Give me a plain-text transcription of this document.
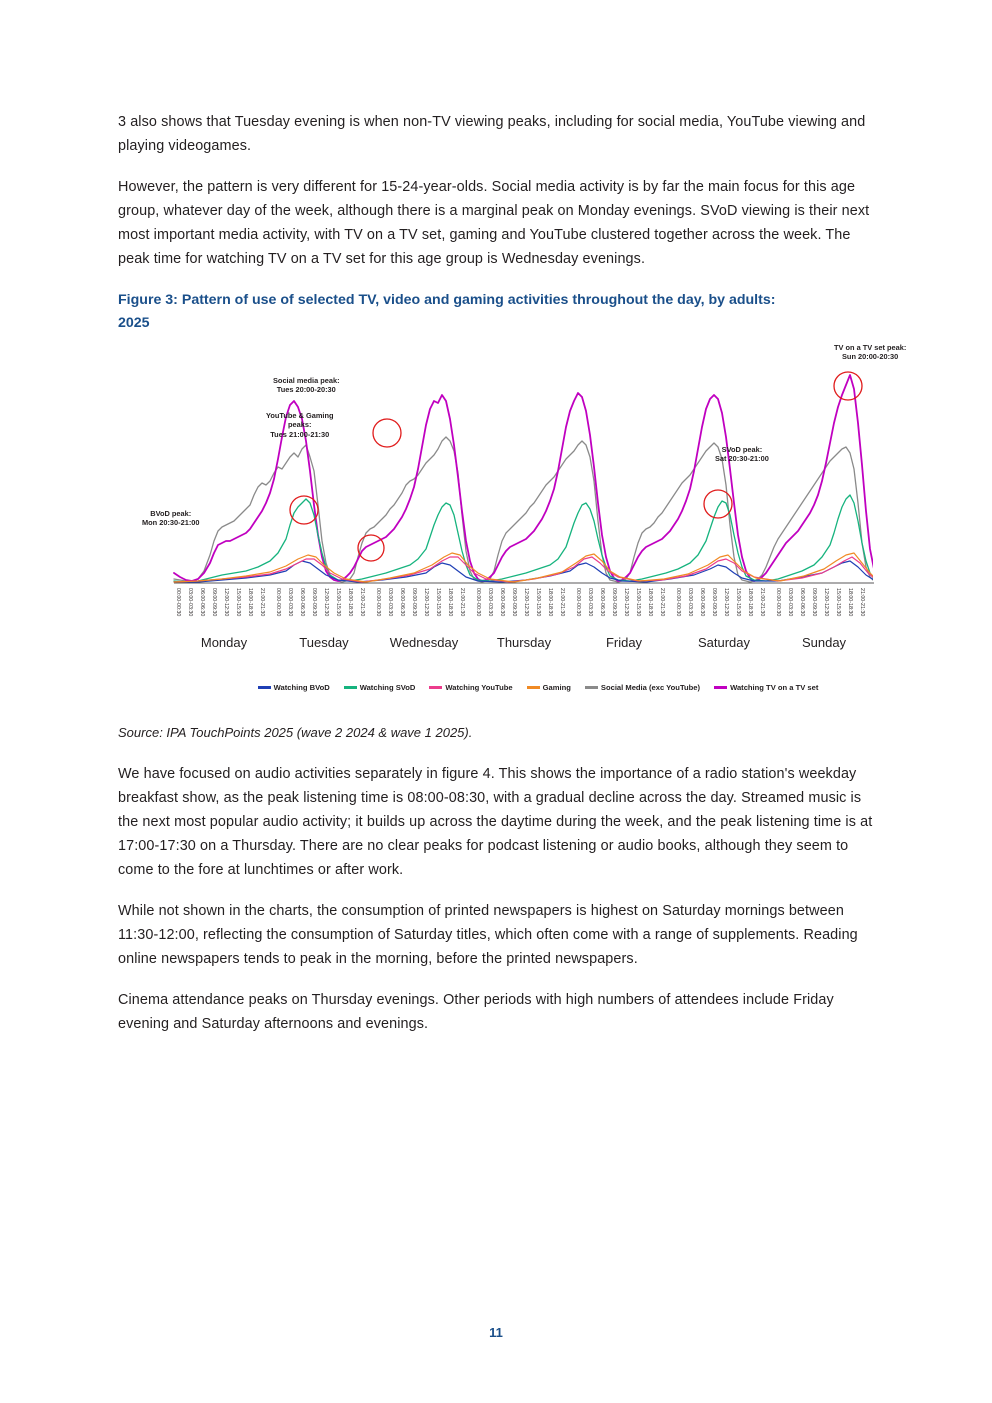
3 also shows that Tuesday evening is when non-TV viewing peaks, including for social media, YouTube viewing and playing videogames.

However, the pattern is very different for 15-24-year-olds. Social media activity is by far the main focus for this age group, whatever day of the week, although there is a marginal peak on Monday evenings. SVoD viewing is their next most important media activity, with TV on a TV set, gaming and YouTube clustered together across the week. The peak time for watching TV on a TV set for this age group is Wednesday evenings.

Figure 3: Pattern of use of selected TV, video and gaming activities throughout the day, by adults:
2025
BVoD peak:
Mon 20:30-21:00
Social media peak:
Tues 20:00-20:30
YouTube & Gaming
peaks:
Tues 21:00-21:30
SVoD peak:
Sat 20:30-21:00
TV on a TV set peak:
Sun 20:00-20:30
00:00-00:30 03:00-03:30 06:00-06:30 09:00-09:30 12:00-12:30 15:00-15:30 18:00-18:30 21:00-21:30 00:00-00:30 03:00-03:30 06:00-06:30 09:00-09:30 12:00-12:30 15:00-15:30 18:00-18:30 21:00-21:30 00:00-00:30 03:00-03:30 06:00-06:30 09:00-09:30 12:00-12:30 15:00-15:30 18:00-18:30 21:00-21:30 00:00-00:30 03:00-03:30 06:00-06:30 09:00-09:30 12:00-12:30 15:00-15:30 18:00-18:30 21:00-21:30 00:00-00:30 03:00-03:30 06:00-06:30 09:00-09:30 12:00-12:30 15:00-15:30 18:00-18:30 21:00-21:30 00:00-00:30 03:00-03:30 06:00-06:30 09:00-09:30 12:00-12:30 15:00-15:30 18:00-18:30 21:00-21:30 00:00-00:30 03:00-03:30 06:00-06:30 09:00-09:30 12:00-12:30 15:00-15:30 18:00-18:30 21:00-21:30
Monday	Tuesday	Wednesday	Thursday	Friday	Saturday	Sunday
Watching BVoD	Watching SVoD	Watching YouTube	Gaming	Social Media (exc YouTube)	Watching TV on a TV set
Source: IPA TouchPoints 2025 (wave 2 2024 & wave 1 2025).

We have focused on audio activities separately in figure 4. This shows the importance of a radio station's weekday breakfast show, as the peak listening time is 08:00-08:30, with a gradual decline across the day. Streamed music is the next most popular audio activity; it builds up across the daytime during the week, and the peak listening time is at 17:00-17:30 on a Thursday. There are no clear peaks for podcast listening or audio books, although they seem to come to the fore at lunchtimes or after work.

While not shown in the charts, the consumption of printed newspapers is highest on Saturday mornings between 11:30-12:00, reflecting the consumption of Saturday titles, which often come with a range of supplements. Reading online newspapers tends to peak in the morning, before the printed newspapers.

Cinema attendance peaks on Thursday evenings. Other periods with high numbers of attendees include Friday evening and Saturday afternoons and evenings.

11
